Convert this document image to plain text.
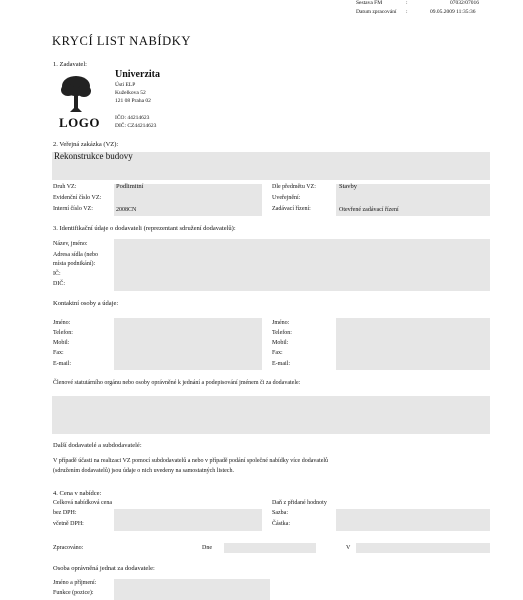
Sestava FM	:	07032/07016
Datum zpracování :	09.05.2009 11:35:36
KRYCÍ LIST NABÍDKY
1. Zadavatel:
LOGO
Univerzita
Ústí ELP
Kuželkova 52
121 08 Praha 02
IČO: 44214623
DIČ: CZ44214623
2. Veřejná zakázka (VZ):
Rekonstrukce budovy
Druh VZ:	Podlimitní
Evidenční číslo VZ:
Interní číslo VZ:	2008CN
Dle předmětu VZ:	Stavby
Uveřejnění:
Zadávací řízení:	Otevřené zadávací řízení
3. Identifikační údaje o dodavateli (reprezentant sdružení dodavatelů):
Název, jméno:
Adresa sídla (nebo
místa podnikání):
IČ:
DIČ:
Kontaktní osoby a údaje:
Jméno:
Telefon:
Mobil:
Fax:
E-mail:
Jméno:
Telefon:
Mobil:
Fax:
E-mail:
Členové statutárního orgánu nebo osoby oprávněné k jednání a podepisování jménem či za dodavatele:
Další dodavatelé a subdodavatelé:
V případě účasti na realizaci VZ pomocí subdodavatelů a nebo v případě podání společné nabídky více dodavatelů
(sdružením dodavatelů) jsou údaje o nich uvedeny na samostatných listech.
4. Cena v nabídce:
Celková nabídková cena	Daň z přidané hodnoty
bez DPH:
včetně DPH:
Sazba:
Částka:
Zpracováno:	Dne	V
Osoba oprávněná jednat za dodavatele:
Jméno a příjmení:
Funkce (pozice):
